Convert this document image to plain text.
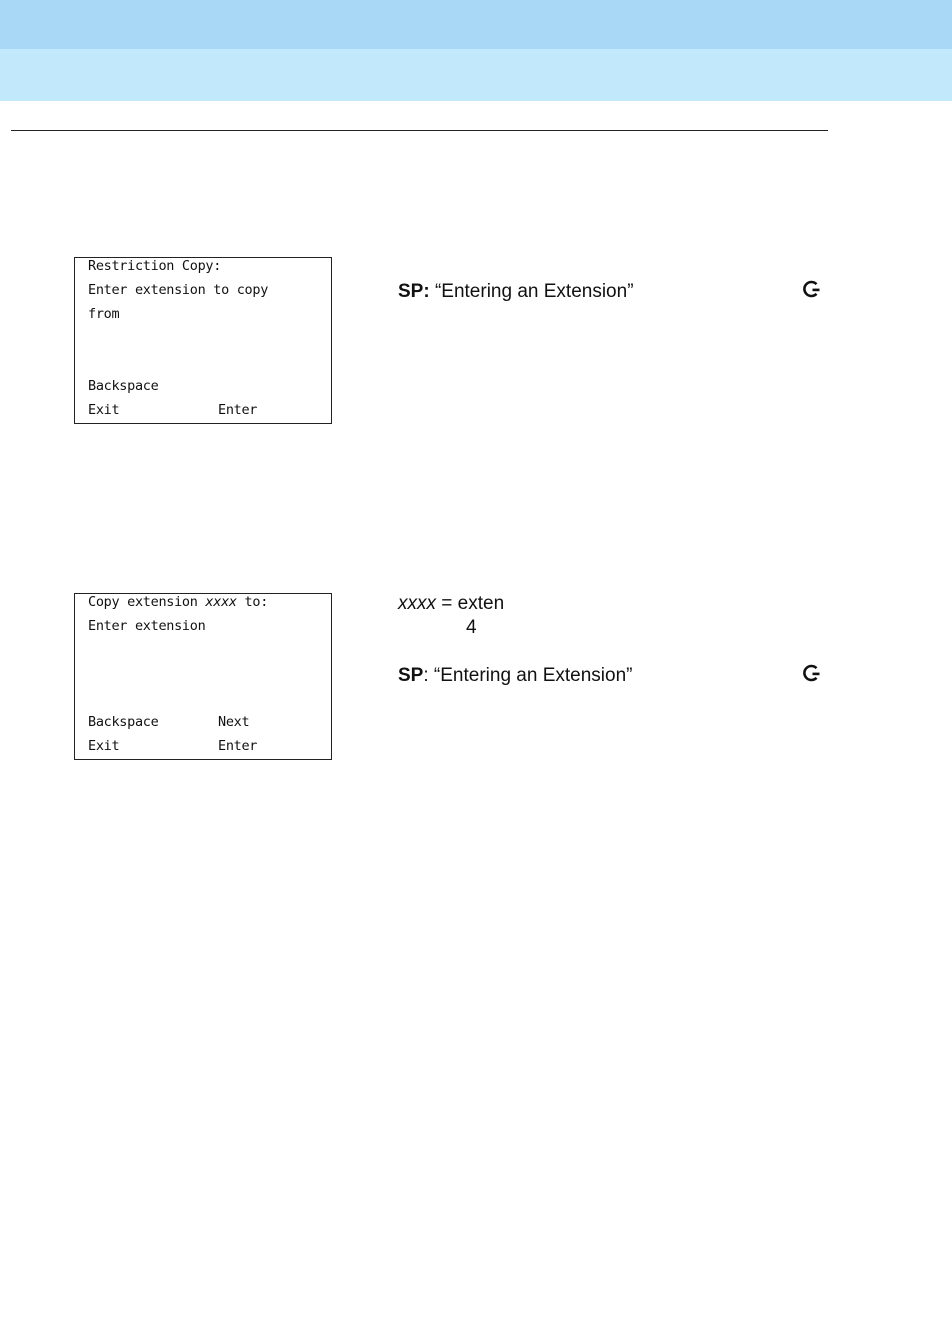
Restriction Copy:
Enter extension to copy
from
Backspace
Exit	Enter
SP: “Entering an Extension”
Copy extension xxxx to:
Enter extension
Backspace	Next
Exit	Enter
xxxx = exten
4
SP: “Entering an Extension”
